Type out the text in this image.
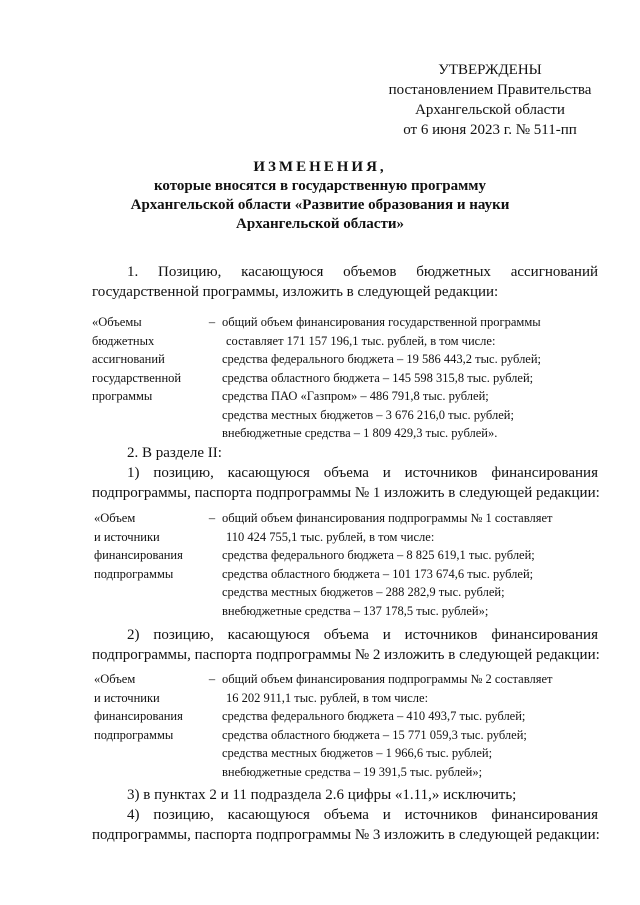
УТВЕРЖДЕНЫ
постановлением Правительства
Архангельской области
от 6 июня 2023 г. № 511-пп
ИЗМЕНЕНИЯ,
которые вносятся в государственную программу
Архангельской области «Развитие образования и науки
Архангельской области»
1. Позицию, касающуюся объемов бюджетных ассигнований
государственной программы, изложить в следующей редакции:
«Объемы
бюджетных
ассигнований
государственной
программы
– общий объем финансирования государственной программы
составляет 171 157 196,1 тыс. рублей, в том числе:
средства федерального бюджета – 19 586 443,2 тыс. рублей;
средства областного бюджета – 145 598 315,8 тыс. рублей;
средства ПАО «Газпром» – 486 791,8 тыс. рублей;
средства местных бюджетов – 3 676 216,0 тыс. рублей;
внебюджетные средства – 1 809 429,3 тыс. рублей».
2. В разделе II:
1) позицию, касающуюся объема и источников финансирования
подпрограммы, паспорта подпрограммы № 1 изложить в следующей редакции:
«Объем
и источники
финансирования
подпрограммы
– общий объем финансирования подпрограммы № 1 составляет
110 424 755,1 тыс. рублей, в том числе:
средства федерального бюджета – 8 825 619,1 тыс. рублей;
средства областного бюджета – 101 173 674,6 тыс. рублей;
средства местных бюджетов – 288 282,9 тыс. рублей;
внебюджетные средства – 137 178,5 тыс. рублей»;
2) позицию, касающуюся объема и источников финансирования
подпрограммы, паспорта подпрограммы № 2 изложить в следующей редакции:
«Объем
и источники
финансирования
подпрограммы
– общий объем финансирования подпрограммы № 2 составляет
16 202 911,1 тыс. рублей, в том числе:
средства федерального бюджета – 410 493,7 тыс. рублей;
средства областного бюджета – 15 771 059,3 тыс. рублей;
средства местных бюджетов – 1 966,6 тыс. рублей;
внебюджетные средства – 19 391,5 тыс. рублей»;
3) в пунктах 2 и 11 подраздела 2.6 цифры «1.11,» исключить;
4) позицию, касающуюся объема и источников финансирования
подпрограммы, паспорта подпрограммы № 3 изложить в следующей редакции:
